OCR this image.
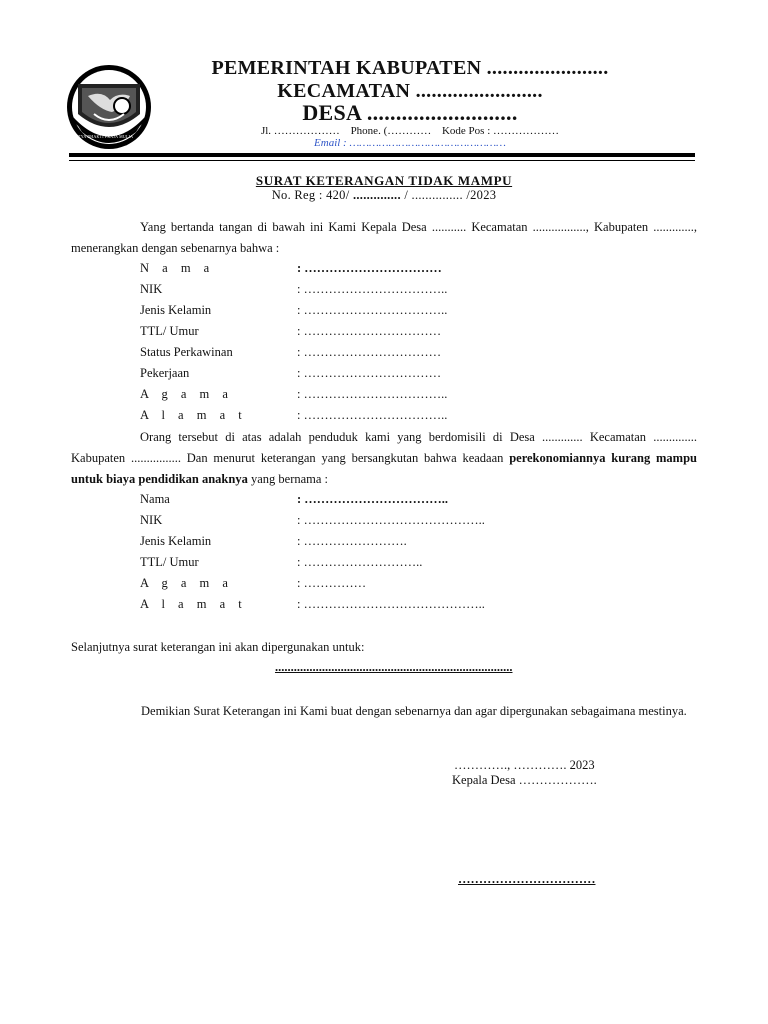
SATYA BHAKTI PRAJA MULIA
PEMERINTAH KABUPATEN .......................
KECAMATAN ........................
DESA ..........................
Jl. ……………… Phone. (………… Kode Pos : ………………
Email : …………………………………………
SURAT KETERANGAN TIDAK MAMPU
No. Reg : 420/ .............. / ............... /2023
Yang bertanda tangan di bawah ini Kami Kepala Desa ........... Kecamatan ................., Kabupaten ............., menerangkan dengan sebenarnya bahwa :
N a m a	: ……………………………
NIK	: ……………………………..
Jenis Kelamin	: ……………………………..
TTL/ Umur	: ……………………………
Status Perkawinan	: ……………………………
Pekerjaan	: ……………………………
A g a m a	: ……………………………..
A l a m a t	: ……………………………..
Orang tersebut di atas adalah penduduk kami yang berdomisili di Desa ............. Kecamatan .............. Kabupaten ................ Dan menurut keterangan yang bersangkutan bahwa keadaan perekonomiannya kurang mampu untuk biaya pendidikan anaknya yang bernama :
Nama	: ……………………………..
NIK	: ……………………………………..
Jenis Kelamin	: …………………….
TTL/ Umur	: ………………………..
A g a m a	: ……………
A l a m a t	: ……………………………………..
Selanjutnya surat keterangan ini akan dipergunakan untuk:
............................................................................
Demikian Surat Keterangan ini Kami buat dengan sebenarnya dan agar dipergunakan sebagaimana mestinya.
…………., …………. 2023
Kepala Desa ……………….
……………………………
